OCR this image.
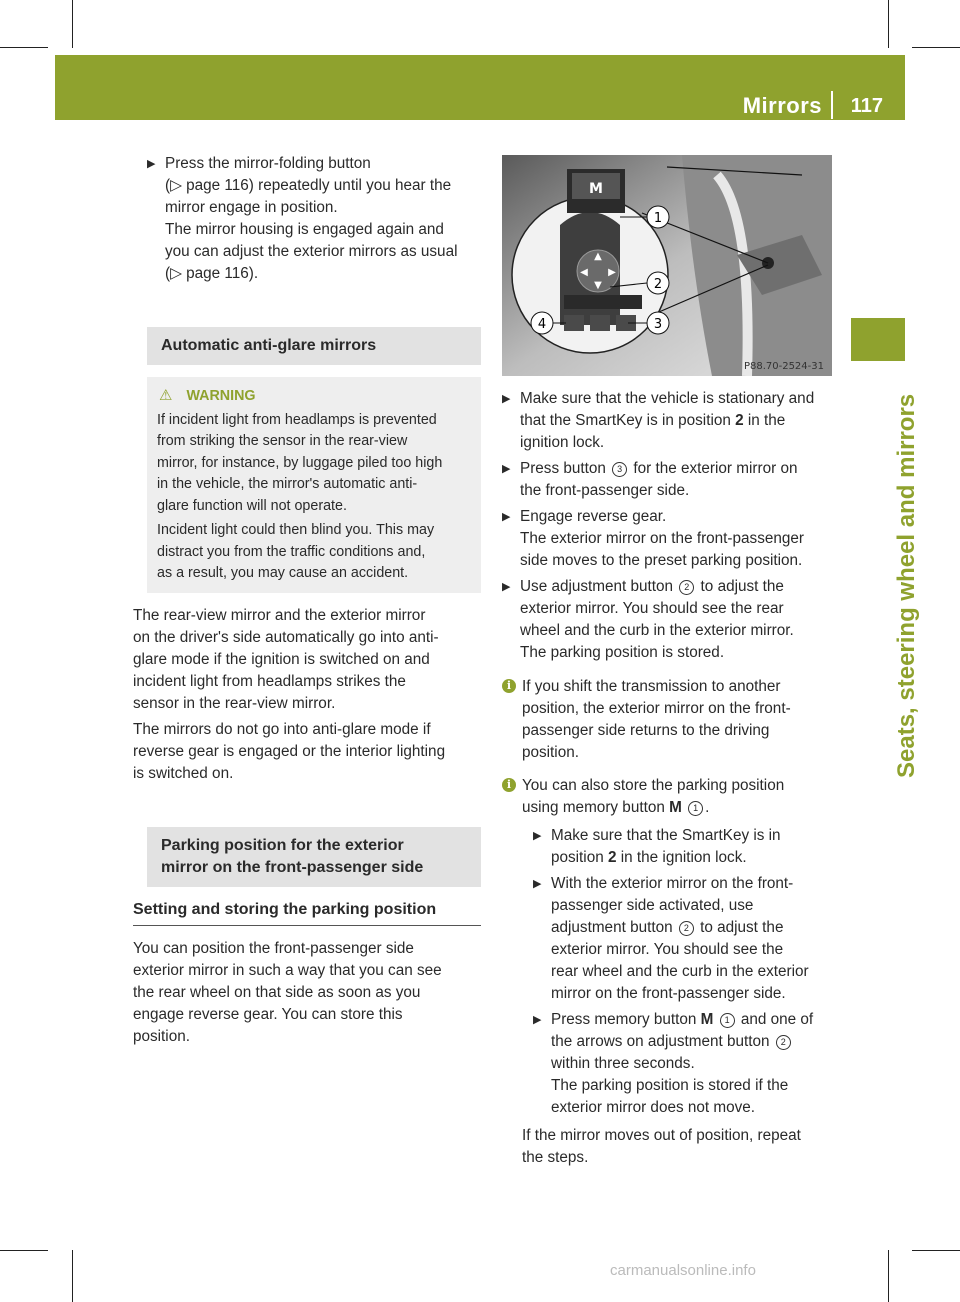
Mirrors 117
Seats, steering wheel and mirrors
▶ Press the mirror-folding button
(▷ page 116) repeatedly until you hear the
mirror engage in position.
The mirror housing is engaged again and
you can adjust the exterior mirrors as usual
(▷ page 116).
Automatic anti-glare mirrors
⚠ WARNING
If incident light from headlamps is prevented
from striking the sensor in the rear-view
mirror, for instance, by luggage piled too high
in the vehicle, the mirror's automatic anti-
glare function will not operate.
Incident light could then blind you. This may
distract you from the traffic conditions and,
as a result, you may cause an accident.
The rear-view mirror and the exterior mirror
on the driver's side automatically go into anti-
glare mode if the ignition is switched on and
incident light from headlamps strikes the
sensor in the rear-view mirror.
The mirrors do not go into anti-glare mode if
reverse gear is engaged or the interior lighting
is switched on.
Parking position for the exterior
mirror on the front-passenger side
Setting and storing the parking position
You can position the front-passenger side
exterior mirror in such a way that you can see
the rear wheel on that side as soon as you
engage reverse gear. You can store this
position.
▲
▼
◀ ▶
M
1
2
3
4
P88.70-2524-31
▶ Make sure that the vehicle is stationary and
that the SmartKey is in position 2 in the
ignition lock.
▶ Press button 3 for the exterior mirror on
the front-passenger side.
▶ Engage reverse gear.
The exterior mirror on the front-passenger
side moves to the preset parking position.
▶ Use adjustment button 2 to adjust the
exterior mirror. You should see the rear
wheel and the curb in the exterior mirror.
The parking position is stored.
i If you shift the transmission to another
position, the exterior mirror on the front-
passenger side returns to the driving
position.
i You can also store the parking position
using memory button M 1 .
▶ Make sure that the SmartKey is in
position 2 in the ignition lock.
▶ With the exterior mirror on the front-
passenger side activated, use
adjustment button 2 to adjust the
exterior mirror. You should see the
rear wheel and the curb in the exterior
mirror on the front-passenger side.
▶ Press memory button M 1 and one of
the arrows on adjustment button 2
within three seconds.
The parking position is stored if the
exterior mirror does not move.
If the mirror moves out of position, repeat
the steps.
carmanualsonline.info
